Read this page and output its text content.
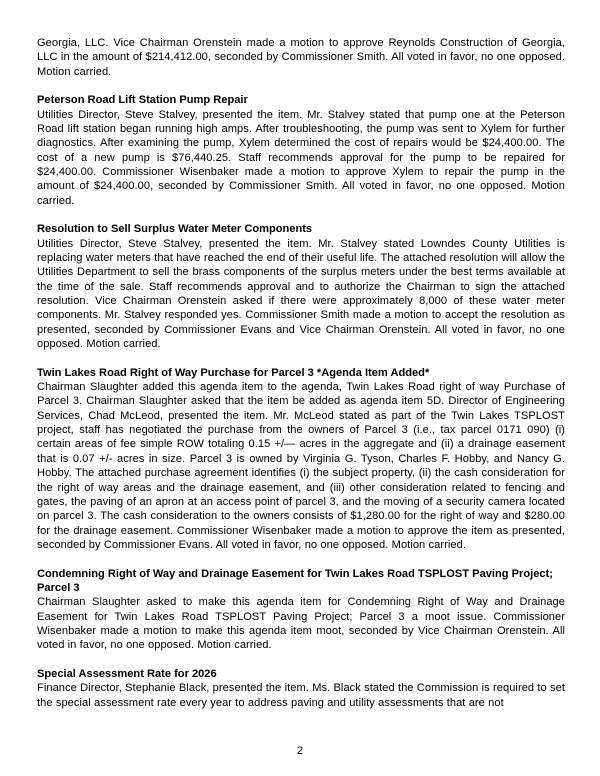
Georgia, LLC. Vice Chairman Orenstein made a motion to approve Reynolds Construction of Georgia, LLC in the amount of $214,412.00, seconded by Commissioner Smith. All voted in favor, no one opposed. Motion carried.

Peterson Road Lift Station Pump Repair

Utilities Director, Steve Stalvey, presented the item. Mr. Stalvey stated that pump one at the Peterson Road lift station began running high amps. After troubleshooting, the pump was sent to Xylem for further diagnostics. After examining the pump, Xylem determined the cost of repairs would be $24,400.00. The cost of a new pump is $76,440.25. Staff recommends approval for the pump to be repaired for $24,400.00. Commissioner Wisenbaker made a motion to approve Xylem to repair the pump in the amount of $24,400.00, seconded by Commissioner Smith. All voted in favor, no one opposed. Motion carried.

Resolution to Sell Surplus Water Meter Components

Utilities Director, Steve Stalvey, presented the item. Mr. Stalvey stated Lowndes County Utilities is replacing water meters that have reached the end of their useful life. The attached resolution will allow the Utilities Department to sell the brass components of the surplus meters under the best terms available at the time of the sale. Staff recommends approval and to authorize the Chairman to sign the attached resolution. Vice Chairman Orenstein asked if there were approximately 8,000 of these water meter components. Mr. Stalvey responded yes. Commissioner Smith made a motion to accept the resolution as presented, seconded by Commissioner Evans and Vice Chairman Orenstein. All voted in favor, no one opposed. Motion carried.

Twin Lakes Road Right of Way Purchase for Parcel 3 *Agenda Item Added*

Chairman Slaughter added this agenda item to the agenda, Twin Lakes Road right of way Purchase of Parcel 3. Chairman Slaughter asked that the item be added as agenda item 5D. Director of Engineering Services, Chad McLeod, presented the item. Mr. McLeod stated as part of the Twin Lakes TSPLOST project, staff has negotiated the purchase from the owners of Parcel 3 (i.e., tax parcel 0171 090) (i) certain areas of fee simple ROW totaling 0.15 +/— acres in the aggregate and (ii) a drainage easement that is 0.07 +/- acres in size. Parcel 3 is owned by Virginia G. Tyson, Charles F. Hobby, and Nancy G. Hobby. The attached purchase agreement identifies (i) the subject property, (ii) the cash consideration for the right of way areas and the drainage easement, and (iii) other consideration related to fencing and gates, the paving of an apron at an access point of parcel 3, and the moving of a security camera located on parcel 3. The cash consideration to the owners consists of $1,280.00 for the right of way and $280.00 for the drainage easement. Commissioner Wisenbaker made a motion to approve the item as presented, seconded by Commissioner Evans. All voted in favor, no one opposed. Motion carried.

Condemning Right of Way and Drainage Easement for Twin Lakes Road TSPLOST Paving Project; Parcel 3

Chairman Slaughter asked to make this agenda item for Condemning Right of Way and Drainage Easement for Twin Lakes Road TSPLOST Paving Project; Parcel 3 a moot issue. Commissioner Wisenbaker made a motion to make this agenda item moot, seconded by Vice Chairman Orenstein. All voted in favor, no one opposed. Motion carried.

Special Assessment Rate for 2026

Finance Director, Stephanie Black, presented the item. Ms. Black stated the Commission is required to set the special assessment rate every year to address paving and utility assessments that are not

2
